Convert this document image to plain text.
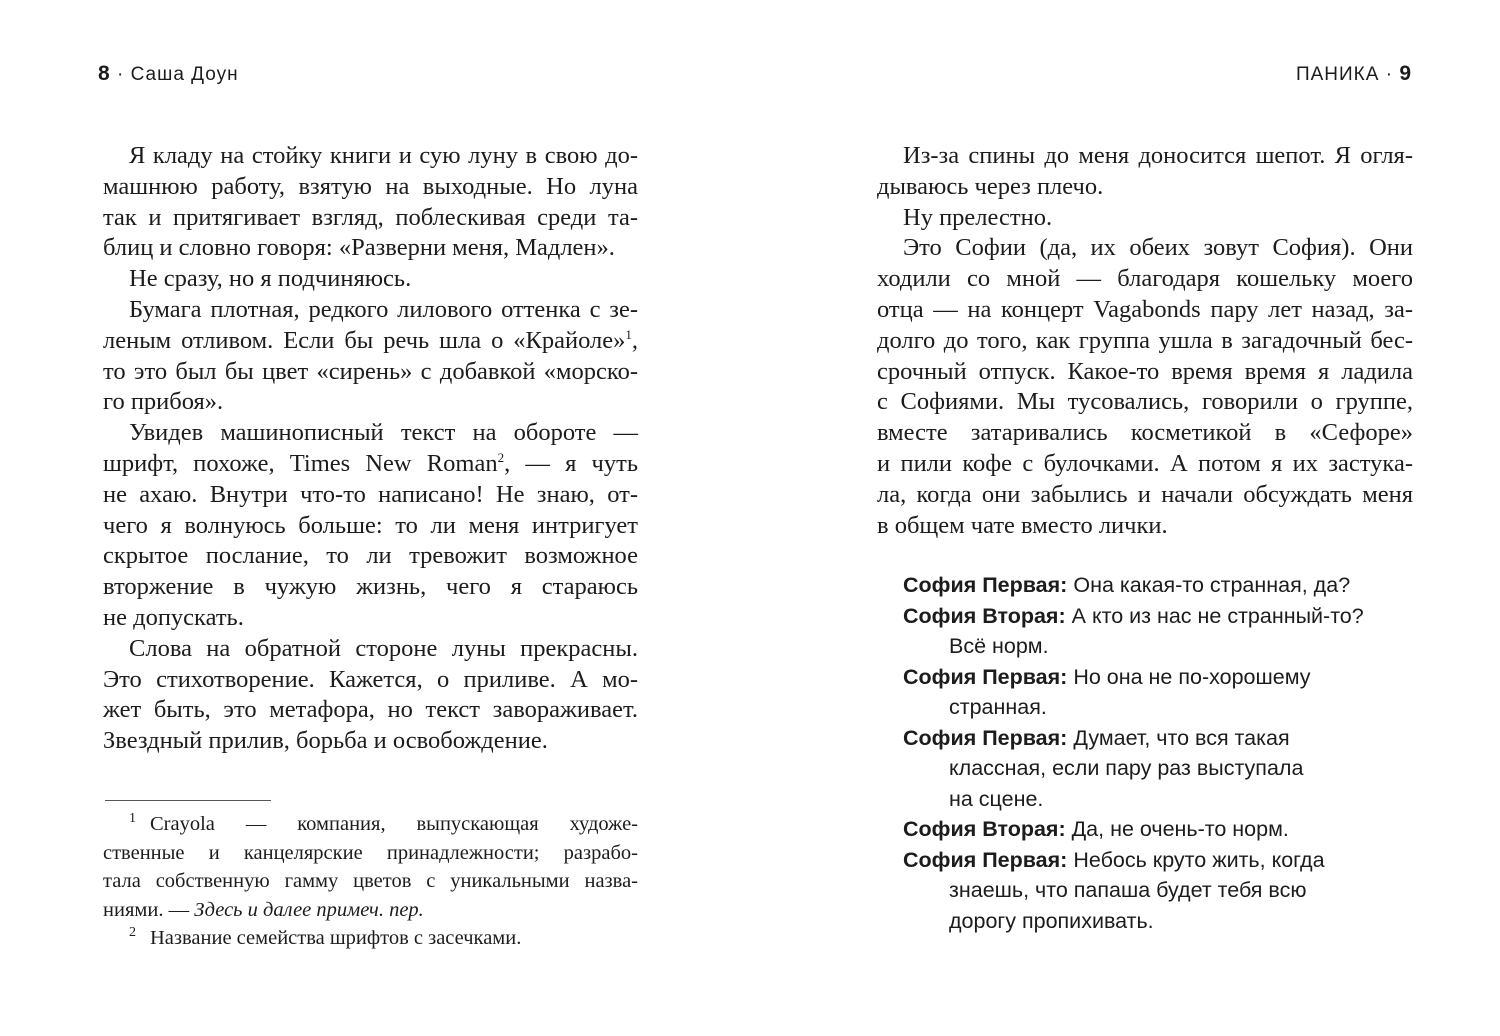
8 · Саша Доун

Я кладу на стойку книги и сую луну в свою до-
машнюю работу, взятую на выходные. Но луна
так и притягивает взгляд, поблескивая среди та-
блиц и словно говоря: «Разверни меня, Мадлен».

Не сразу, но я подчиняюсь.

Бумага плотная, редкого лилового оттенка с зе-
леным отливом. Если бы речь шла о «Крайоле»$^1$,
то это был бы цвет «сирень» с добавкой «морско-
го прибоя».

Увидев машинописный текст на обороте —
шрифт, похоже, Times New Roman$^2$, — я чуть
не ахаю. Внутри что-то написано! Не знаю, от-
чего я волнуюсь больше: то ли меня интригует
скрытое послание, то ли тревожит возможное
вторжение в чужую жизнь, чего я стараюсь
не допускать.

Слова на обратной стороне луны прекрасны.
Это стихотворение. Кажется, о приливе. А мо-
жет быть, это метафора, но текст завораживает.
Звездный прилив, борьба и освобождение.

$^1$ Crayola — компания, выпускающая художе-
ственные и канцелярские принадлежности; разрабо-
тала собственную гамму цветов с уникальными назва-
ниями. — Здесь и далее примеч. пер.
$^2$ Название семейства шрифтов с засечками.
ПАНИКА · 9

Из-за спины до меня доносится шепот. Я огля-
дываюсь через плечо.

Ну прелестно.

Это Софии (да, их обеих зовут София). Они
ходили со мной — благодаря кошельку моего
отца — на концерт Vagabonds пару лет назад, за-
долго до того, как группа ушла в загадочный бес-
срочный отпуск. Какое-то время время я ладила
с Софиями. Мы тусовались, говорили о группе,
вместе затаривались косметикой в «Сефоре»
и пили кофе с булочками. А потом я их застука-
ла, когда они забылись и начали обсуждать меня
в общем чате вместо лички.

София Первая: Она какая-то странная, да?
София Вторая: А кто из нас не странный-то?
Всё норм.
София Первая: Но она не по-хорошему
странная.
София Первая: Думает, что вся такая
классная, если пару раз выступала
на сцене.
София Вторая: Да, не очень-то норм.
София Первая: Небось круто жить, когда
знаешь, что папаша будет тебя всю
дорогу пропихивать.
